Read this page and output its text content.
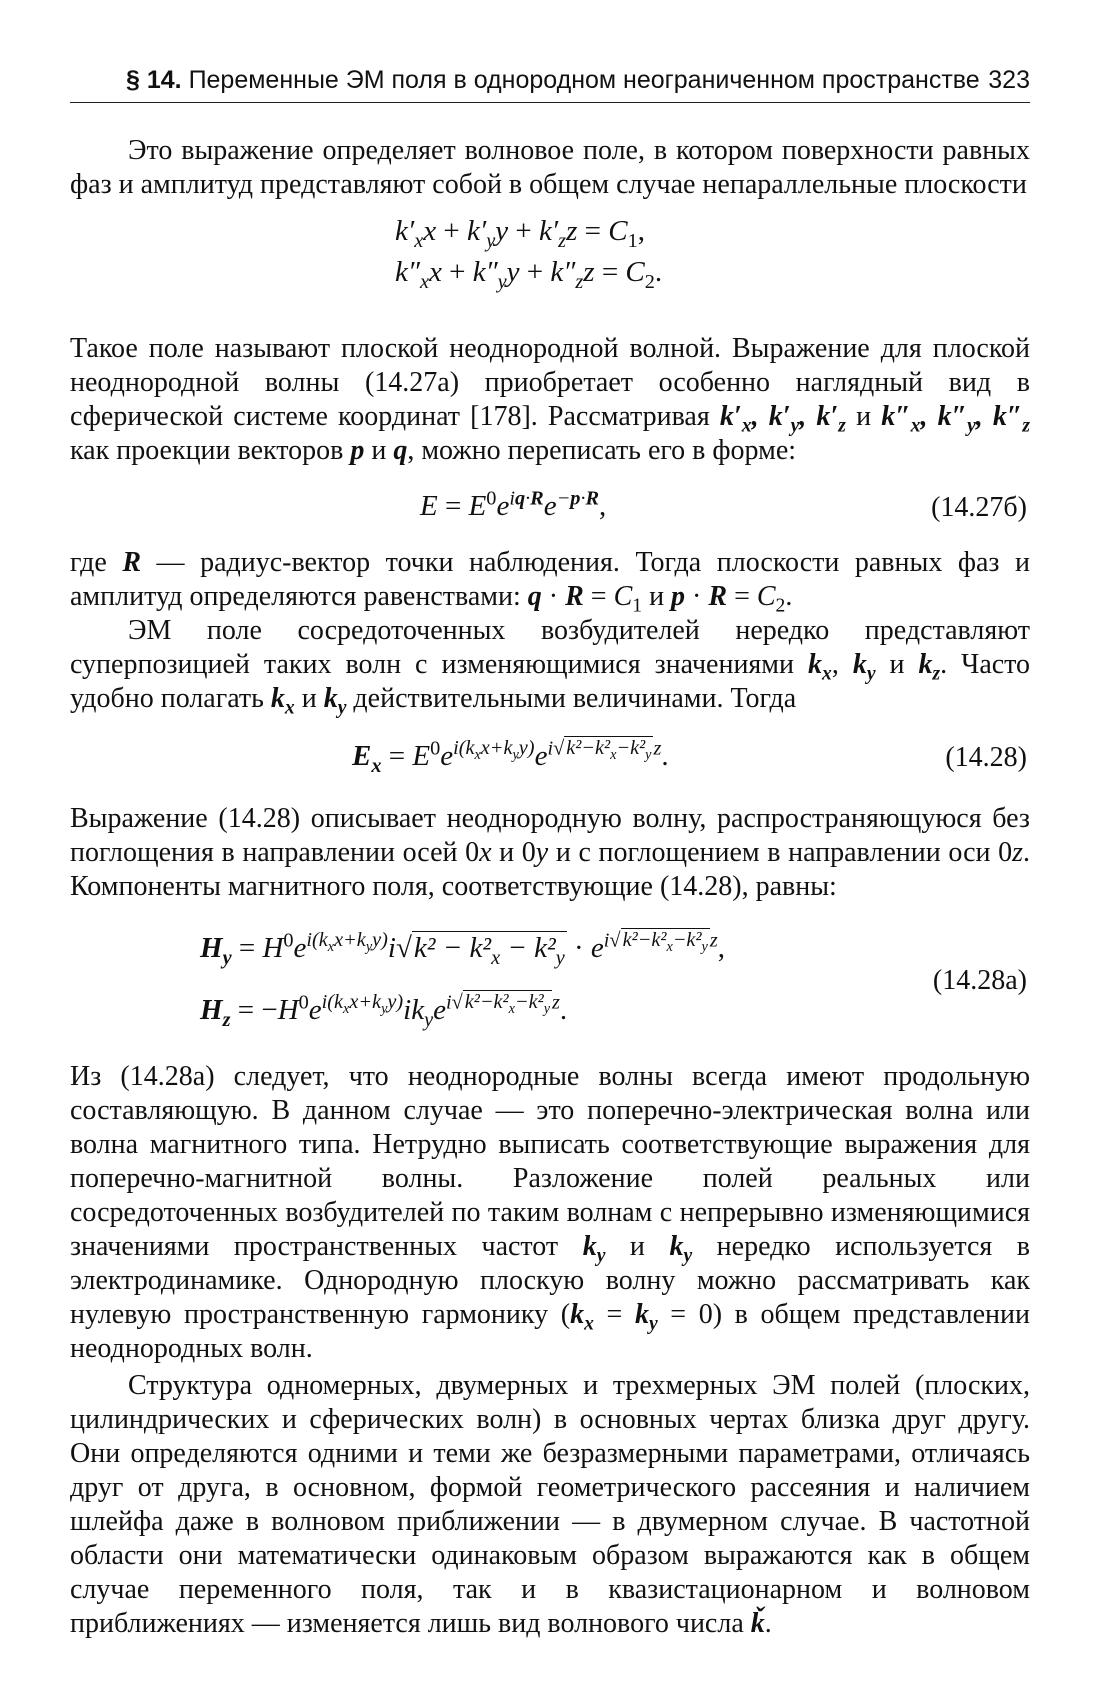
§ 14. Переменные ЭМ поля в однородном неограниченном пространстве 323

Это выражение определяет волновое поле, в котором поверхности равных фаз и амплитуд представляют собой в общем случае непараллельные плоскости

$k'_xx + k'_yy + k'_zz = C_1$,
$k''_xx + k''_yy + k''_zz = C_2$.

Такое поле называют плоской неоднородной волной. Выражение для плоской неоднородной волны (14.27а) приобретает особенно наглядный вид в сферической системе координат [178]. Рассматривая $k'_x$, $k'_y$, $k'_z$ и $k''_x$, $k''_y$, $k''_z$ как проекции векторов p и q, можно переписать его в форме:

$E = E^0e^{iq\cdot R}e^{-p\cdot R}$,	(14.27б)

где R — радиус-вектор точки наблюдения. Тогда плоскости равных фаз и амплитуд определяются равенствами: $q \cdot R = C_1$ и $p \cdot R = C_2$.

ЭМ поле сосредоточенных возбудителей нередко представляют суперпозицией таких волн с изменяющимися значениями $k_x$, $k_y$ и $k_z$. Часто удобно полагать $k_x$ и $k_y$ действительными величинами. Тогда

$E_x = E^0e^{i(k_xx+k_yy)}e^{i√k^2-k^2_x-k^2_yz}$.	(14.28)

Выражение (14.28) описывает неоднородную волну, распространяющуюся без поглощения в направлении осей 0x и 0y и с поглощением в направлении оси 0z. Компоненты магнитного поля, соответствующие (14.28), равны:

$H_y = H^0e^{i(k_xx+k_yy)}i√k^2 - k^2_x - k^2_y \cdot e^{i√k^2-k^2_x-k^2_yz}$,
$H_z = -H^0e^{i(k_xx+k_yy)}ik_ye^{i√k^2-k^2_x-k^2_yz}$.
(14.28а)

Из (14.28а) следует, что неоднородные волны всегда имеют продольную составляющую. В данном случае — это поперечно-электрическая волна или волна магнитного типа. Нетрудно выписать соответствующие выражения для поперечно-магнитной волны. Разложение полей реальных или сосредоточенных возбудителей по таким волнам с непрерывно изменяющимися значениями пространственных частот $k_y$ и $k_y$ нередко используется в электродинамике. Однородную плоскую волну можно рассматривать как нулевую пространственную гармонику $(k_x = k_y = 0)$ в общем представлении неоднородных волн.

Структура одномерных, двумерных и трехмерных ЭМ полей (плоских, цилиндрических и сферических волн) в основных чертах близка друг другу. Они определяются одними и теми же безразмерными параметрами, отличаясь друг от друга, в основном, формой геометрического рассеяния и наличием шлейфа даже в волновом приближении — в двумерном случае. В частотной области они математически одинаковым образом выражаются как в общем случае переменного поля, так и в квазистационарном и волновом приближениях — изменяется лишь вид волнового числа ǩ.
